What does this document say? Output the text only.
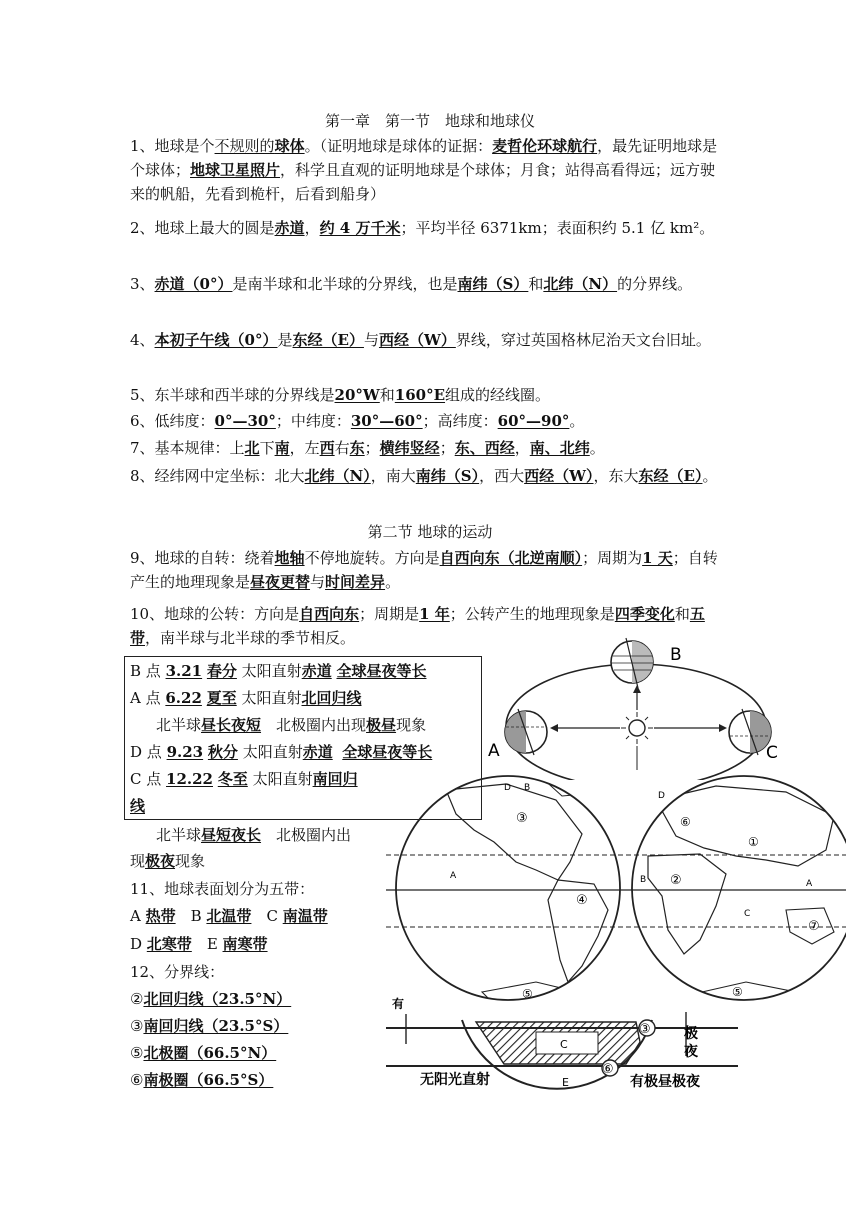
第一章　第一节　地球和地球仪
1、地球是个不规则的球体。（证明地球是球体的证据：麦哲伦环球航行，最先证明地球是个球体；地球卫星照片，科学且直观的证明地球是个球体；月食；站得高看得远；远方驶来的帆船，先看到桅杆，后看到船身）
2、地球上最大的圆是赤道，约 4 万千米；平均半径 6371km；表面积约 5.1 亿 km²。
3、赤道（0°）是南半球和北半球的分界线，也是南纬（S）和北纬（N）的分界线。
4、本初子午线（0°）是东经（E）与西经（W）界线，穿过英国格林尼治天文台旧址。
5、东半球和西半球的分界线是20°W和160°E组成的经线圈。
6、低纬度：0°—30°；中纬度：30°—60°；高纬度：60°—90°。
7、基本规律：上北下南，左西右东；横纬竖经；东、西经，南、北纬。
8、经纬网中定坐标：北大北纬（N），南大南纬（S），西大西经（W），东大东经（E）。
第二节 地球的运动
9、地球的自转：绕着地轴不停地旋转。方向是自西向东（北逆南顺）；周期为1 天；自转产生的地理现象是昼夜更替与时间差异。
10、地球的公转：方向是自西向东；周期是1 年；公转产生的地理现象是四季变化和五带，南半球与北半球的季节相反。
B 点 3.21 春分 太阳直射赤道 全球昼夜等长
A 点 6.22 夏至 太阳直射北回归线
北半球昼长夜短　北极圈内出现极昼现象
D 点 9.23 秋分 太阳直射赤道 全球昼夜等长
C 点 12.22 冬至 太阳直射南回归
线
北半球昼短夜长　北极圈内出
现极夜现象
11、地球表面划分为五带：
A 热带　B 北温带　C 南温带
D 北寒带　E 南寒带
12、分界线：
②北回归线（23.5°N）
③南回归线（23.5°S）
⑤北极圈（66.5°N）
⑥南极圈（66.5°S）
B
A	C
D B
③
A
④
⑤
D
⑥
①
②
B	A
C
⑦
⑤
C
E
③
⑥
极
夜
有
无阳光直射	有极昼极夜
